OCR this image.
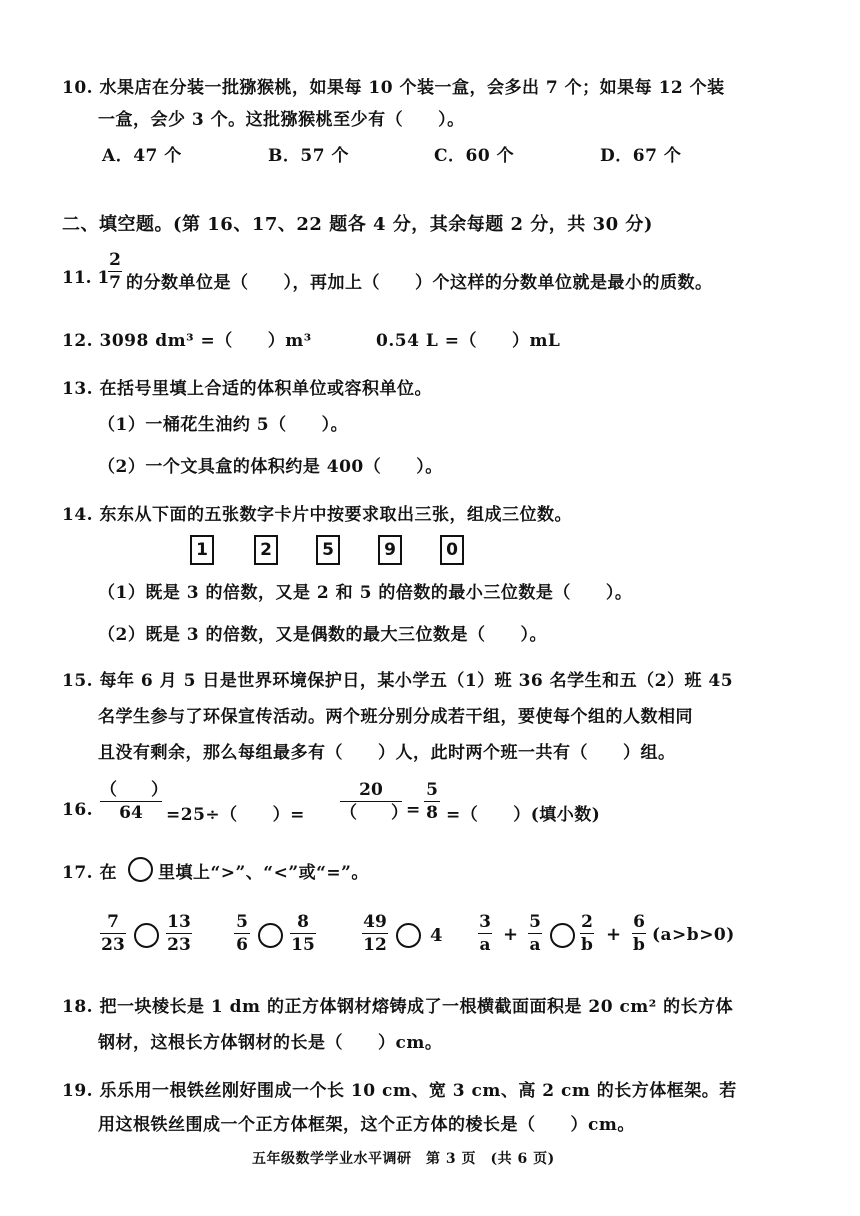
10. 水果店在分装一批猕猴桃，如果每 10 个装一盒，会多出 7 个；如果每 12 个装
一盒，会少 3 个。这批猕猴桃至少有（　　）。
A．47 个	B．57 个	C．60 个	D．67 个
二、填空题。(第 16、17、22 题各 4 分，其余每题 2 分，共 30 分)
11. 1
2
7 的分数单位是（　　），再加上（　　）个这样的分数单位就是最小的质数。
12. 3098 dm³ =（　　）m³	0.54 L =（　　）mL
13. 在括号里填上合适的体积单位或容积单位。
（1）一桶花生油约 5（　　）。
（2）一个文具盒的体积约是 400（　　）。
14. 东东从下面的五张数字卡片中按要求取出三张，组成三位数。
1	2	5	9	0
（1）既是 3 的倍数，又是 2 和 5 的倍数的最小三位数是（　　）。
（2）既是 3 的倍数，又是偶数的最大三位数是（　　）。
15. 每年 6 月 5 日是世界环境保护日，某小学五（1）班 36 名学生和五（2）班 45
名学生参与了环保宣传活动。两个班分别分成若干组，要使每个组的人数相同
且没有剩余，那么每组最多有（　　）人，此时两个班一共有（　　）组。
16.
（　　）
64	=25÷（　　）=
20
（　　）
=
5
8 =（　　）(填小数)
17. 在 里填上“>”、“<”或“=”。
7
23
13
23
5
6
8
15
49
12 4
3
a +
5
a
2
b +
6
b (a>b>0)
18. 把一块棱长是 1 dm 的正方体钢材熔铸成了一根横截面面积是 20 cm² 的长方体
钢材，这根长方体钢材的长是（　　）cm。
19. 乐乐用一根铁丝刚好围成一个长 10 cm、宽 3 cm、高 2 cm 的长方体框架。若
用这根铁丝围成一个正方体框架，这个正方体的棱长是（　　）cm。
五年级数学学业水平调研　第 3 页　(共 6 页)
